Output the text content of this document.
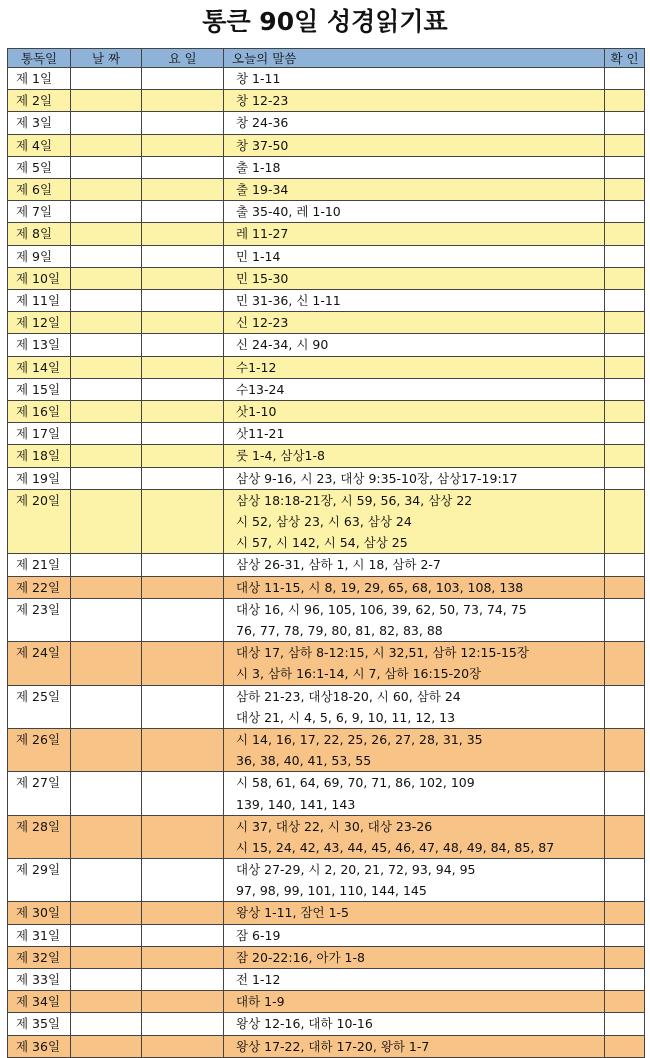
통큰 90일 성경읽기표
통독일	날 짜	요 일	오늘의 말씀	확 인
제 1일			창 1-11	

제 2일			창 12-23	

제 3일			창 24-36	

제 4일			창 37-50	

제 5일			출 1-18	

제 6일			출 19-34	

제 7일			출 35-40, 레 1-10	

제 8일			레 11-27	

제 9일			민 1-14	

제 10일			민 15-30	

제 11일			민 31-36, 신 1-11	

제 12일			신 12-23	

제 13일			신 24-34, 시 90	

제 14일			수1-12	

제 15일			수13-24	

제 16일			삿1-10	

제 17일			삿11-21	

제 18일			룻 1-4, 삼상1-8	

제 19일			삼상 9-16, 시 23, 대상 9:35-10장, 삼상17-19:17	

제 20일			삼상 18:18-21장, 시 59, 56, 34, 삼상 22
시 52, 삼상 23, 시 63, 삼상 24
시 57, 시 142, 시 54, 삼상 25	

제 21일			삼상 26-31, 삼하 1, 시 18, 삼하 2-7	

제 22일			대상 11-15, 시 8, 19, 29, 65, 68, 103, 108, 138	

제 23일			대상 16, 시 96, 105, 106, 39, 62, 50, 73, 74, 75
76, 77, 78, 79, 80, 81, 82, 83, 88	

제 24일			대상 17, 삼하 8-12:15, 시 32,51, 삼하 12:15-15장
시 3, 삼하 16:1-14, 시 7, 삼하 16:15-20장	

제 25일			삼하 21-23, 대상18-20, 시 60, 삼하 24
대상 21, 시 4, 5, 6, 9, 10, 11, 12, 13	

제 26일			시 14, 16, 17, 22, 25, 26, 27, 28, 31, 35
36, 38, 40, 41, 53, 55	

제 27일			시 58, 61, 64, 69, 70, 71, 86, 102, 109
139, 140, 141, 143	

제 28일			시 37, 대상 22, 시 30, 대상 23-26
시 15, 24, 42, 43, 44, 45, 46, 47, 48, 49, 84, 85, 87	

제 29일			대상 27-29, 시 2, 20, 21, 72, 93, 94, 95
97, 98, 99, 101, 110, 144, 145	

제 30일			왕상 1-11, 잠언 1-5	

제 31일			잠 6-19	

제 32일			잠 20-22:16, 아가 1-8	

제 33일			전 1-12	

제 34일			대하 1-9	

제 35일			왕상 12-16, 대하 10-16	

제 36일			왕상 17-22, 대하 17-20, 왕하 1-7	
